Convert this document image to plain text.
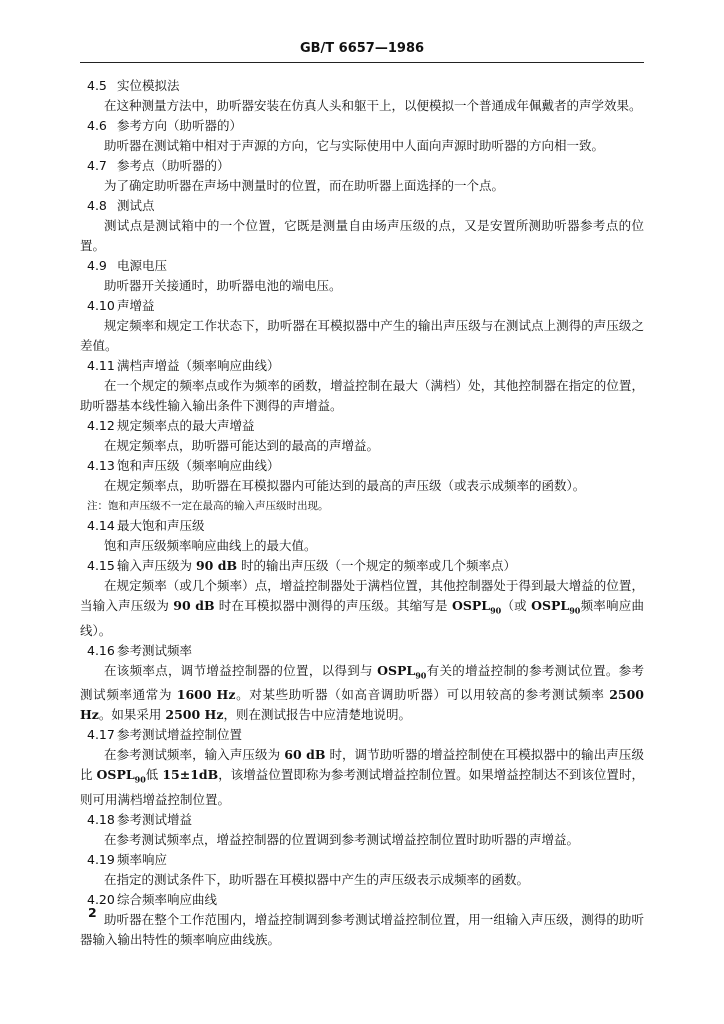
GB/T 6657—1986
4.5 实位模拟法
在这种测量方法中，助听器安装在仿真人头和躯干上，以便模拟一个普通成年佩戴者的声学效果。
4.6 参考方向（助听器的）
助听器在测试箱中相对于声源的方向，它与实际使用中人面向声源时助听器的方向相一致。
4.7 参考点（助听器的）
为了确定助听器在声场中测量时的位置，而在助听器上面选择的一个点。
4.8 测试点
测试点是测试箱中的一个位置，它既是测量自由场声压级的点，又是安置所测助听器参考点的位置。
4.9 电源电压
助听器开关接通时，助听器电池的端电压。
4.10 声增益
规定频率和规定工作状态下，助听器在耳模拟器中产生的输出声压级与在测试点上测得的声压级之差值。
4.11 满档声增益（频率响应曲线）
在一个规定的频率点或作为频率的函数，增益控制在最大（满档）处，其他控制器在指定的位置，助听器基本线性输入输出条件下测得的声增益。
4.12 规定频率点的最大声增益
在规定频率点，助听器可能达到的最高的声增益。
4.13 饱和声压级（频率响应曲线）
在规定频率点，助听器在耳模拟器内可能达到的最高的声压级（或表示成频率的函数）。
注：饱和声压级不一定在最高的输入声压级时出现。
4.14 最大饱和声压级
饱和声压级频率响应曲线上的最大值。
4.15 输入声压级为 90 dB 时的输出声压级（一个规定的频率或几个频率点）
在规定频率（或几个频率）点，增益控制器处于满档位置，其他控制器处于得到最大增益的位置，当输入声压级为 90 dB 时在耳模拟器中测得的声压级。其缩写是 $OSPL_{90}$（或 $OSPL_{90}$频率响应曲线）。
4.16 参考测试频率
在该频率点，调节增益控制器的位置，以得到与 $OSPL_{90}$有关的增益控制的参考测试位置。参考测试频率通常为 1600 Hz。对某些助听器（如高音调助听器）可以用较高的参考测试频率 2500 Hz。如果采用 2500 Hz，则在测试报告中应清楚地说明。
4.17 参考测试增益控制位置
在参考测试频率，输入声压级为 60 dB 时，调节助听器的增益控制使在耳模拟器中的输出声压级比 $OSPL_{90}$低 15±1dB，该增益位置即称为参考测试增益控制位置。如果增益控制达不到该位置时，则可用满档增益控制位置。
4.18 参考测试增益
在参考测试频率点，增益控制器的位置调到参考测试增益控制位置时助听器的声增益。
4.19 频率响应
在指定的测试条件下，助听器在耳模拟器中产生的声压级表示成频率的函数。
4.20 综合频率响应曲线
助听器在整个工作范围内，增益控制调到参考测试增益控制位置，用一组输入声压级，测得的助听器输入输出特性的频率响应曲线族。
2
